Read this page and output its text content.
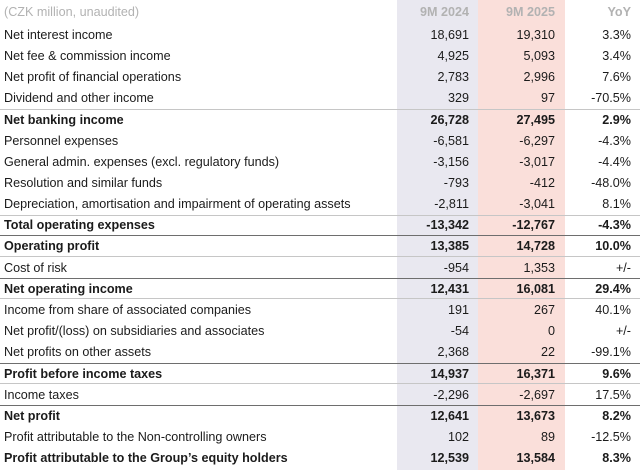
(CZK million, unaudited)	9M 2024	9M 2025	YoY
Net interest income	18,691	19,310	3.3%
Net fee & commission income	4,925	5,093	3.4%
Net profit of financial operations	2,783	2,996	7.6%
Dividend and other income	329	97	-70.5%
Net banking income	26,728	27,495	2.9%
Personnel expenses	-6,581	-6,297	-4.3%
General admin. expenses (excl. regulatory funds)	-3,156	-3,017	-4.4%
Resolution and similar funds	-793	-412	-48.0%
Depreciation, amortisation and impairment of operating assets	-2,811	-3,041	8.1%
Total operating expenses	-13,342	-12,767	-4.3%
Operating profit	13,385	14,728	10.0%
Cost of risk	-954	1,353	+/-
Net operating income	12,431	16,081	29.4%
Income from share of associated companies	191	267	40.1%
Net profit/(loss) on subsidiaries and associates	-54	0	+/-
Net profits on other assets	2,368	22	-99.1%
Profit before income taxes	14,937	16,371	9.6%
Income taxes	-2,296	-2,697	17.5%
Net profit	12,641	13,673	8.2%
Profit attributable to the Non-controlling owners	102	89	-12.5%
Profit attributable to the Group’s equity holders	12,539	13,584	8.3%
